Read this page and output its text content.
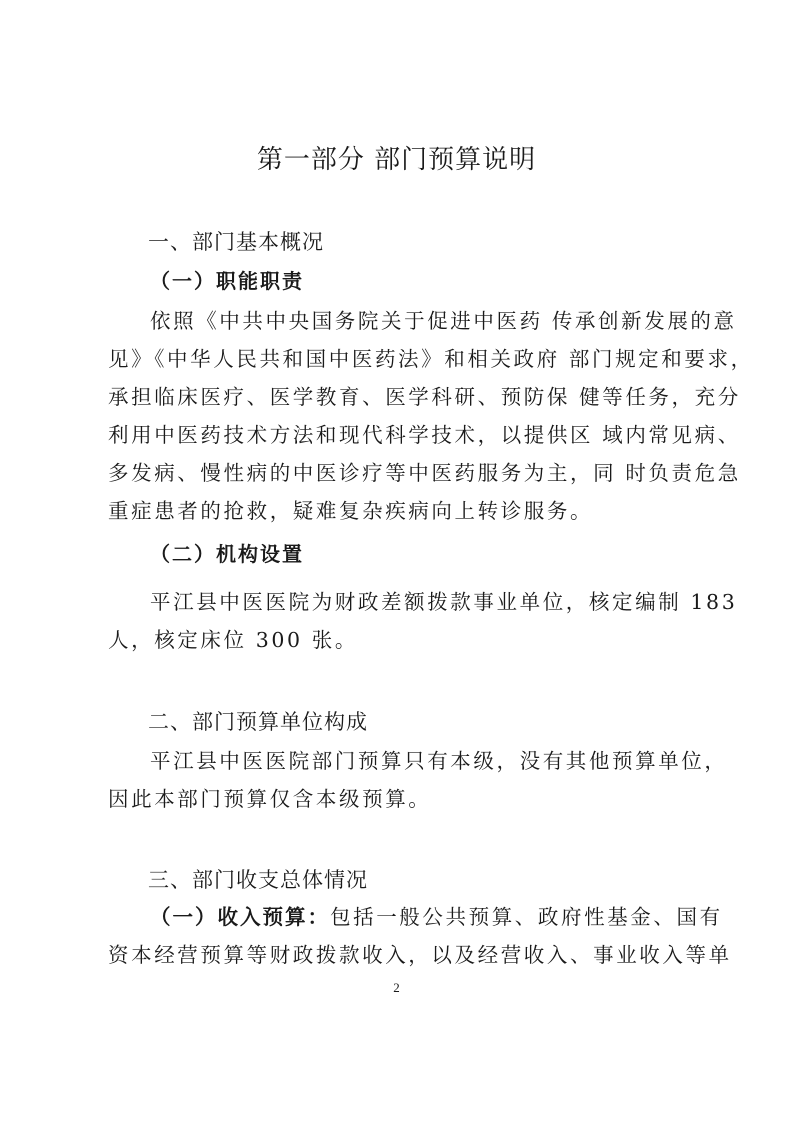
第一部分 部门预算说明
一、部门基本概况
（一）职能职责
依照《中共中央国务院关于促进中医药 传承创新发展的意
见》《中华人民共和国中医药法》和相关政府 部门规定和要求，
承担临床医疗、医学教育、医学科研、预防保 健等任务，充分
利用中医药技术方法和现代科学技术，以提供区 域内常见病、
多发病、慢性病的中医诊疗等中医药服务为主，同 时负责危急
重症患者的抢救，疑难复杂疾病向上转诊服务。
（二）机构设置
平江县中医医院为财政差额拨款事业单位，核定编制 183
人，核定床位 300 张。
二、部门预算单位构成
平江县中医医院部门预算只有本级，没有其他预算单位，
因此本部门预算仅含本级预算。
三、部门收支总体情况
（一）收入预算：包括一般公共预算、政府性基金、国有
资本经营预算等财政拨款收入，以及经营收入、事业收入等单
2
